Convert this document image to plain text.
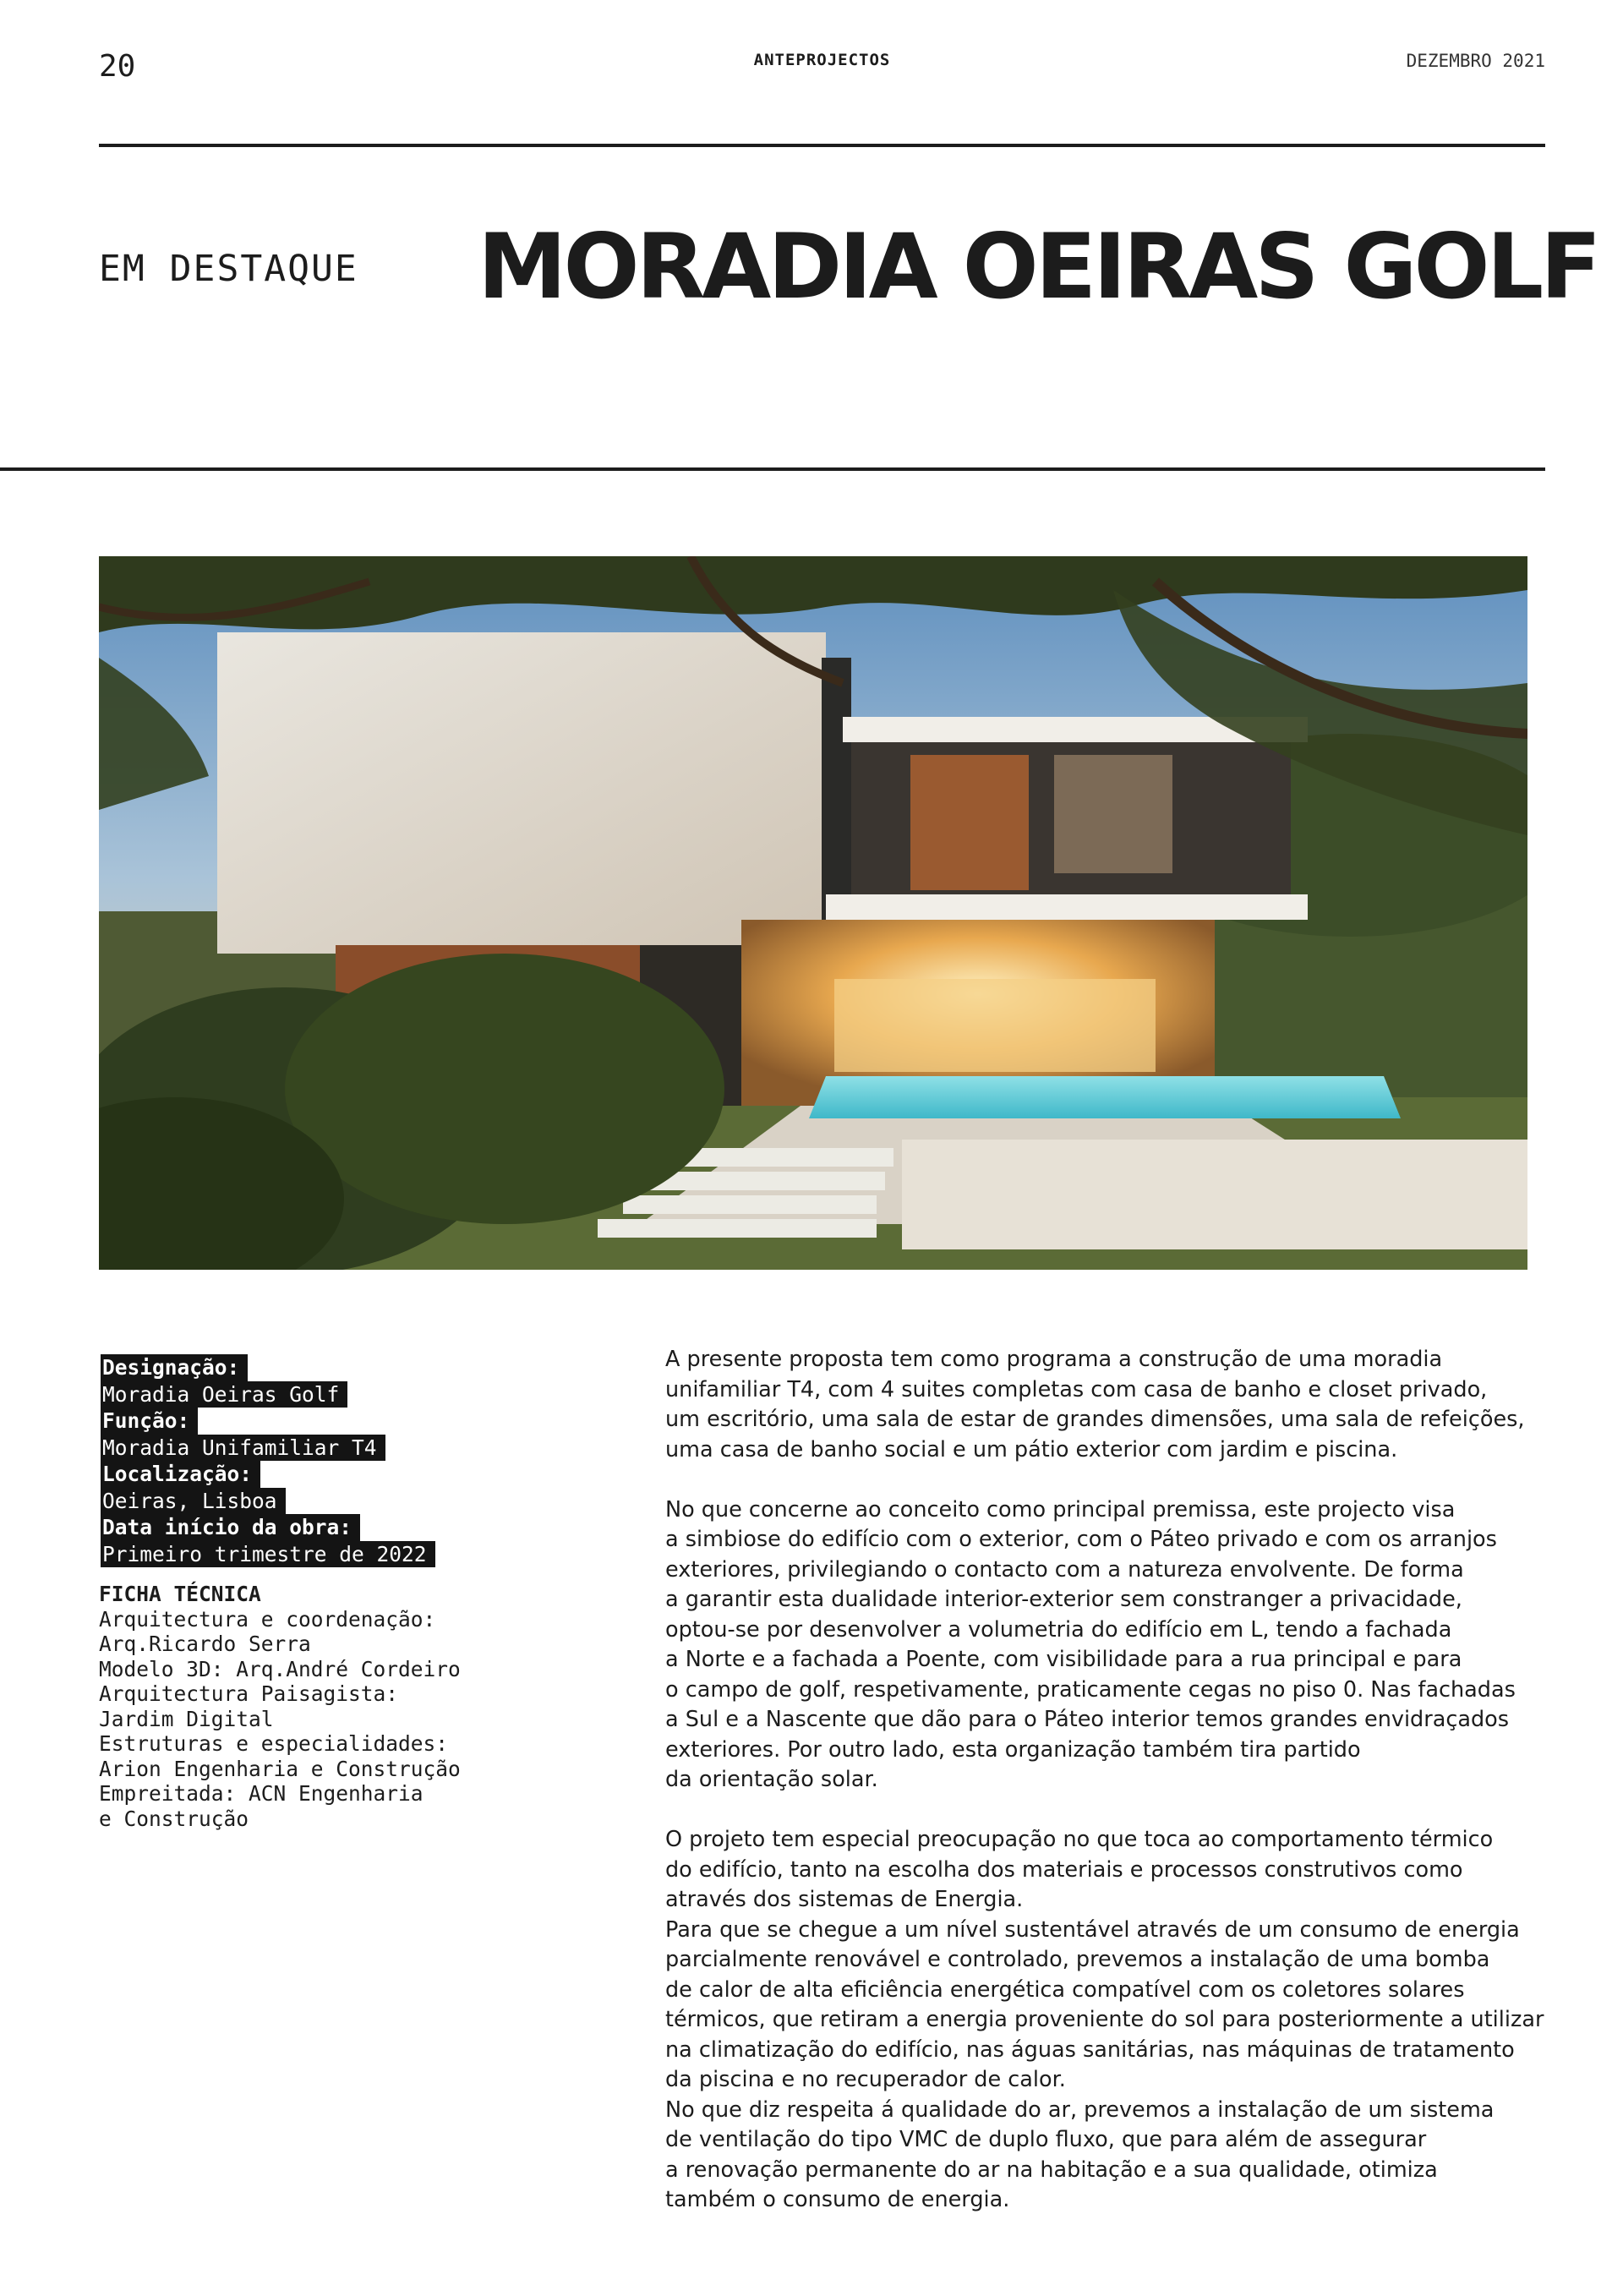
20	ANTEPROJECTOS	DEZEMBRO 2021
EM DESTAQUE MORADIA OEIRAS GOLF
Designação:
Moradia Oeiras Golf
Função:
Moradia Unifamiliar T4
Localização:
Oeiras, Lisboa
Data início da obra:
Primeiro trimestre de 2022
FICHA TÉCNICA
Arquitectura e coordenação:
Arq.Ricardo Serra
Modelo 3D: Arq.André Cordeiro
Arquitectura Paisagista:
Jardim Digital
Estruturas e especialidades:
Arion Engenharia e Construção
Empreitada: ACN Engenharia
e Construção

A presente proposta tem como programa a construção de uma moradia
unifamiliar T4, com 4 suites completas com casa de banho e closet privado,
um escritório, uma sala de estar de grandes dimensões, uma sala de refeições,
uma casa de banho social e um pátio exterior com jardim e piscina.

No que concerne ao conceito como principal premissa, este projecto visa
a simbiose do edifício com o exterior, com o Páteo privado e com os arranjos
exteriores, privilegiando o contacto com a natureza envolvente. De forma
a garantir esta dualidade interior-exterior sem constranger a privacidade,
optou-se por desenvolver a volumetria do edifício em L, tendo a fachada
a Norte e a fachada a Poente, com visibilidade para a rua principal e para
o campo de golf, respetivamente, praticamente cegas no piso 0. Nas fachadas
a Sul e a Nascente que dão para o Páteo interior temos grandes envidraçados
exteriores. Por outro lado, esta organização também tira partido
da orientação solar.

O projeto tem especial preocupação no que toca ao comportamento térmico
do edifício, tanto na escolha dos materiais e processos construtivos como
através dos sistemas de Energia.
Para que se chegue a um nível sustentável através de um consumo de energia
parcialmente renovável e controlado, prevemos a instalação de uma bomba
de calor de alta eficiência energética compatível com os coletores solares
térmicos, que retiram a energia proveniente do sol para posteriormente a utilizar
na climatização do edifício, nas águas sanitárias, nas máquinas de tratamento
da piscina e no recuperador de calor.
No que diz respeita á qualidade do ar, prevemos a instalação de um sistema
de ventilação do tipo VMC de duplo fluxo, que para além de assegurar
a renovação permanente do ar na habitação e a sua qualidade, otimiza
também o consumo de energia.
